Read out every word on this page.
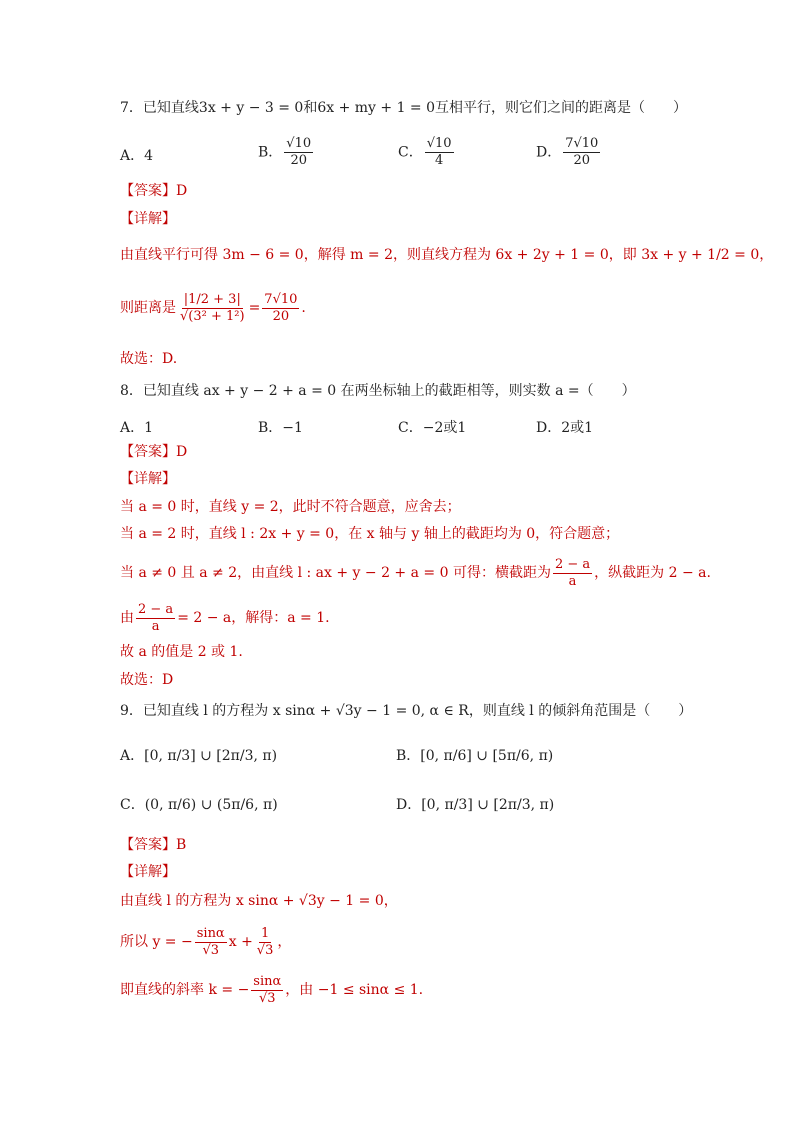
7．已知直线3x + y − 3 = 0和6x + my + 1 = 0互相平行，则它们之间的距离是（　　）
A．4	B． $\frac{√10}{20}$	C． $\frac{√10}{4}$	D． $\frac{7√10}{20}$
【答案】D
【详解】
由直线平行可得 3m − 6 = 0，解得 m = 2，则直线方程为 6x + 2y + 1 = 0，即 3x + y + 1/2 = 0，
则距离是 $\frac{|1/2 + 3|}{\text{√(3² + 1²)}} = \frac{7√10}{20}$ .
故选：D.
8．已知直线 ax + y − 2 + a = 0 在两坐标轴上的截距相等，则实数 a =（　　）
A．1	B．−1	C．−2或1	D．2或1
【答案】D
【详解】
当 a = 0 时，直线 y = 2，此时不符合题意，应舍去；
当 a = 2 时，直线 l : 2x + y = 0，在 x 轴与 y 轴上的截距均为 0，符合题意；
当 a ≠ 0 且 a ≠ 2，由直线 l : ax + y − 2 + a = 0 可得：横截距为 $\frac{2 - a}{a}$ ，纵截距为 2 − a.
由 $\frac{2 - a}{a} = 2 - a$，解得：a = 1.
故 a 的值是 2 或 1.
故选：D
9．已知直线 l 的方程为 x sinα + √3y − 1 = 0, α ∈ R，则直线 l 的倾斜角范围是（　　）
A．[0, π/3] ∪ [2π/3, π)	B．[0, π/6] ∪ [5π/6, π)
C．(0, π/6) ∪ (5π/6, π)	D．[0, π/3] ∪ [2π/3, π)
【答案】B
【详解】
由直线 l 的方程为 x sinα + √3y − 1 = 0，
所以 y = − $\frac{\sin\alpha}{√3}$ $x + \frac{1}{√3}$ ，
即直线的斜率 k = − $\frac{\sin\alpha}{√3}$ ，由 −1 ≤ sinα ≤ 1.
